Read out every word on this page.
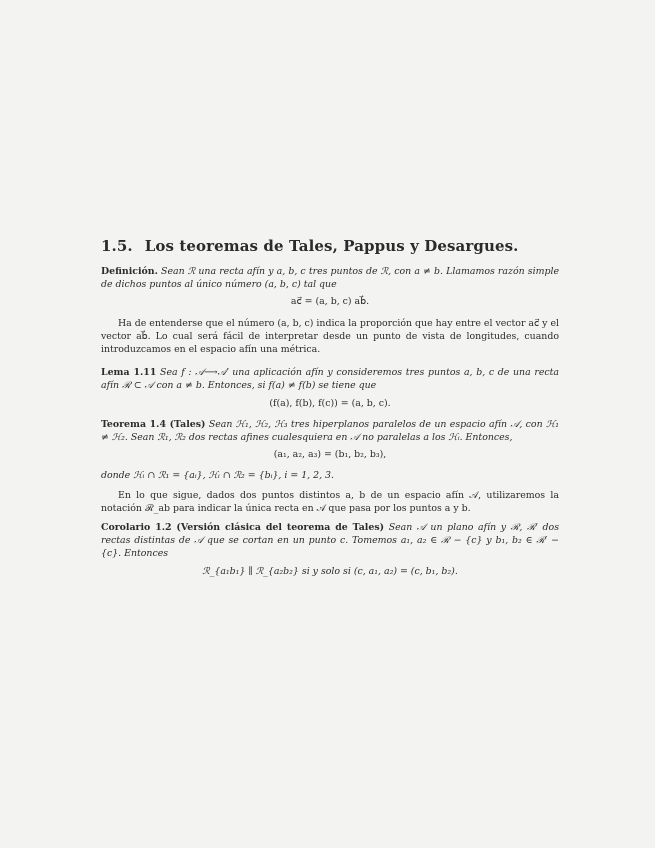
1.5. Los teoremas de Tales, Pappus y Desargues.

Definición. Sean ℛ una recta afín y a, b, c tres puntos de ℛ, con a ≠ b. Llamamos razón simple de dichos puntos al único número (a, b, c) tal que

ac⃗ = (a, b, c) ab⃗.

Ha de entenderse que el número (a, b, c) indica la proporción que hay entre el vector ac⃗ y el vector ab⃗. Lo cual será fácil de interpretar desde un punto de vista de longitudes, cuando introduzcamos en el espacio afín una métrica.

Lema 1.11 Sea f : 𝒜⟶𝒜′ una aplicación afín y consideremos tres puntos a, b, c de una recta afín ℛ ⊂ 𝒜 con a ≠ b. Entonces, si f(a) ≠ f(b) se tiene que

(f(a), f(b), f(c)) = (a, b, c).

Teorema 1.4 (Tales) Sean ℋ₁, ℋ₂, ℋ₃ tres hiperplanos paralelos de un espacio afín 𝒜, con ℋ₁ ≠ ℋ₂. Sean ℛ₁, ℛ₂ dos rectas afines cualesquiera en 𝒜 no paralelas a los ℋᵢ. Entonces,

(a₁, a₂, a₃) = (b₁, b₂, b₃),

donde ℋᵢ ∩ ℛ₁ = {aᵢ}, ℋᵢ ∩ ℛ₂ = {bᵢ}, i = 1, 2, 3.

En lo que sigue, dados dos puntos distintos a, b de un espacio afín 𝒜, utilizaremos la notación ℛ_ab para indicar la única recta en 𝒜 que pasa por los puntos a y b.

Corolario 1.2 (Versión clásica del teorema de Tales) Sean 𝒜 un plano afín y ℛ, ℛ′ dos rectas distintas de 𝒜 que se cortan en un punto c. Tomemos a₁, a₂ ∈ ℛ − {c} y b₁, b₂ ∈ ℛ′ − {c}. Entonces

ℛ_{a₁b₁} ∥ ℛ_{a₂b₂} si y solo si (c, a₁, a₂) = (c, b₁, b₂).
